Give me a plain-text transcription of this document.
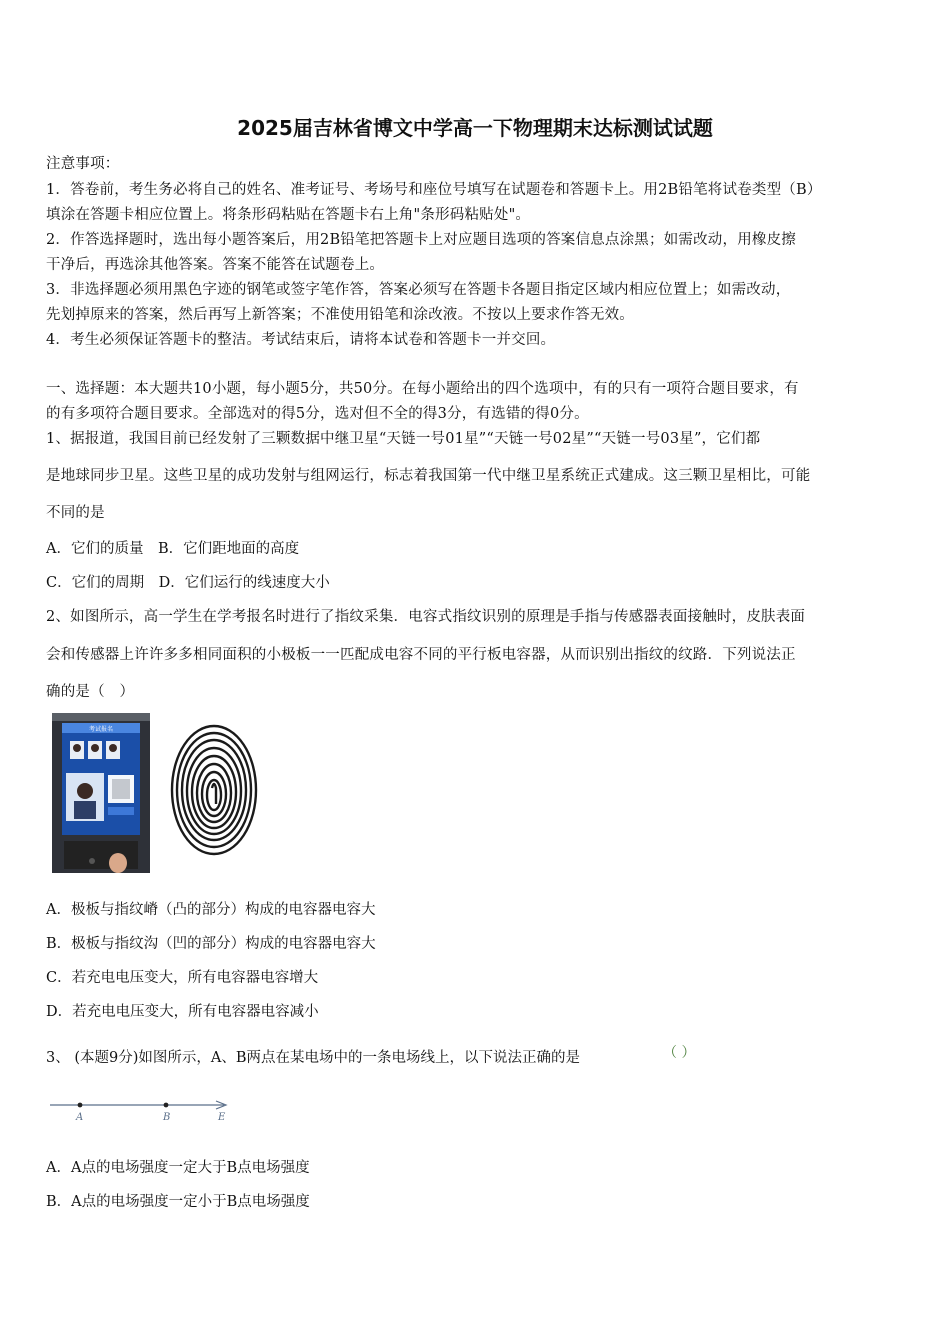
2025届吉林省博文中学高一下物理期末达标测试试题
注意事项：
1．答卷前，考生务必将自己的姓名、准考证号、考场号和座位号填写在试题卷和答题卡上。用2B铅笔将试卷类型（B）
填涂在答题卡相应位置上。将条形码粘贴在答题卡右上角"条形码粘贴处"。
2．作答选择题时，选出每小题答案后，用2B铅笔把答题卡上对应题目选项的答案信息点涂黑；如需改动，用橡皮擦
干净后，再选涂其他答案。答案不能答在试题卷上。
3．非选择题必须用黑色字迹的钢笔或签字笔作答，答案必须写在答题卡各题目指定区域内相应位置上；如需改动，
先划掉原来的答案，然后再写上新答案；不准使用铅笔和涂改液。不按以上要求作答无效。
4．考生必须保证答题卡的整洁。考试结束后，请将本试卷和答题卡一并交回。
一、选择题：本大题共10小题，每小题5分，共50分。在每小题给出的四个选项中，有的只有一项符合题目要求，有
的有多项符合题目要求。全部选对的得5分，选对但不全的得3分，有选错的得0分。
1、据报道，我国目前已经发射了三颗数据中继卫星“天链一号01星”“天链一号02星”“天链一号03星”，它们都
是地球同步卫星。这些卫星的成功发射与组网运行，标志着我国第一代中继卫星系统正式建成。这三颗卫星相比，可能
不同的是
A．它们的质量　B．它们距地面的高度
C．它们的周期　D．它们运行的线速度大小
2、如图所示，高一学生在学考报名时进行了指纹采集．电容式指纹识别的原理是手指与传感器表面接触时，皮肤表面
会和传感器上许许多多相同面积的小极板一一匹配成电容不同的平行板电容器，从而识别出指纹的纹路．下列说法正
确的是（　）
考试报名
A．极板与指纹嵴（凸的部分）构成的电容器电容大
B．极板与指纹沟（凹的部分）构成的电容器电容大
C．若充电电压变大，所有电容器电容增大
D．若充电电压变大，所有电容器电容减小
3、 (本题9分)如图所示，A、B两点在某电场中的一条电场线上，以下说法正确的是	（ ）
A	B	E
A．A点的电场强度一定大于B点电场强度
B．A点的电场强度一定小于B点电场强度
